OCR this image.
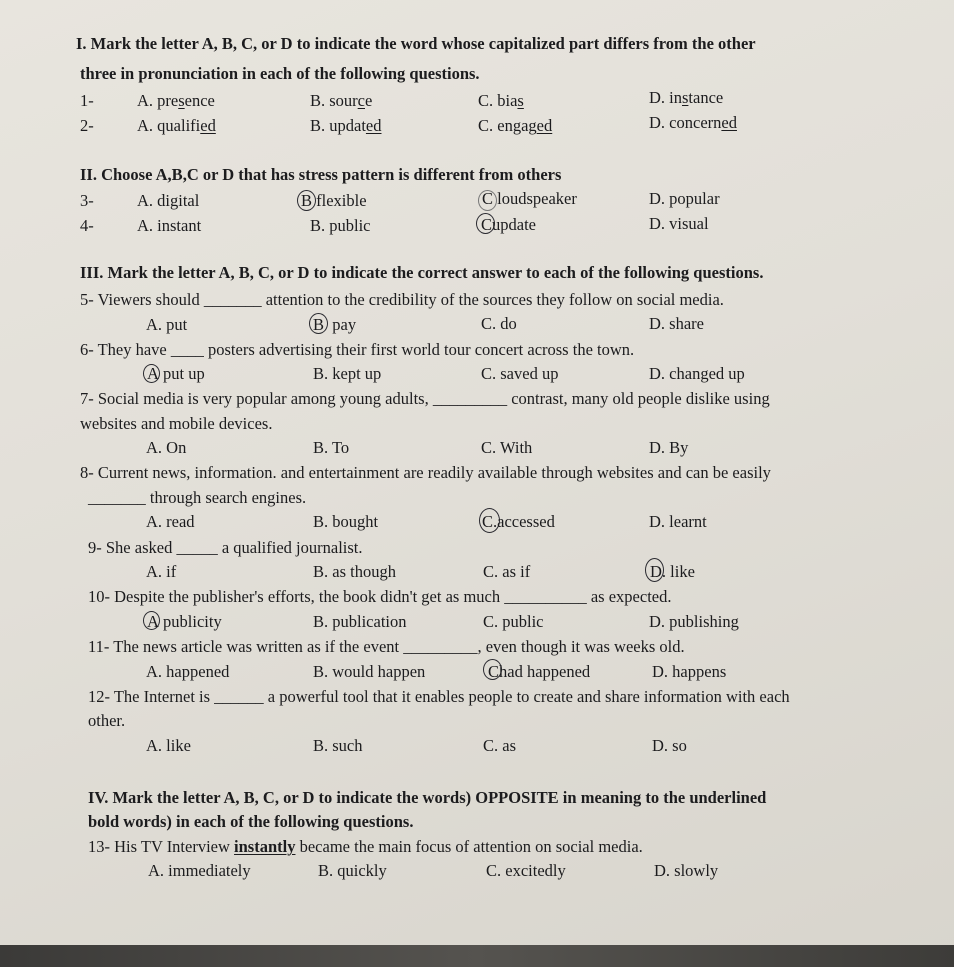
I. Mark the letter A, B, C, or D to indicate the word whose capitalized part differs from the other
three in pronunciation in each of the following questions.
1-	A. presence	B. source	C. bias	D. instance
2-	A. qualified	B. updated	C. engaged	D. concerned
II. Choose A,B,C or D that has stress pattern is different from others
3-	A. digital	B flexible	C loudspeaker	D. popular
4-	A. instant	B. public	Cupdate	D. visual
III. Mark the letter A, B, C, or D to indicate the correct answer to each of the following questions.
5- Viewers should _______ attention to the credibility of the sources they follow on social media.
A. put	B pay	C. do	D. share
6- They have ____ posters advertising their first world tour concert across the town.
A put up	B. kept up	C. saved up	D. changed up
7- Social media is very popular among young adults, _________ contrast, many old people dislike using
websites and mobile devices.
A. On	B. To	C. With	D. By
8- Current news, information. and entertainment are readily available through websites and can be easily
_______ through search engines.
A. read	B. bought	C.accessed	D. learnt
9- She asked _____ a qualified journalist.
A. if	B. as though	C. as if	D. like
10- Despite the publisher's efforts, the book didn't get as much __________ as expected.
A publicity	B. publication	C. public	D. publishing
11- The news article was written as if the event _________, even though it was weeks old.
A. happened	B. would happen	Chad happened	D. happens
12- The Internet is ______ a powerful tool that it enables people to create and share information with each
other.
A. like	B. such	C. as	D. so
IV. Mark the letter A, B, C, or D to indicate the words) OPPOSITE in meaning to the underlined
bold words) in each of the following questions.
13- His TV Interview instantly became the main focus of attention on social media.
A. immediately	B. quickly	C. excitedly	D. slowly
